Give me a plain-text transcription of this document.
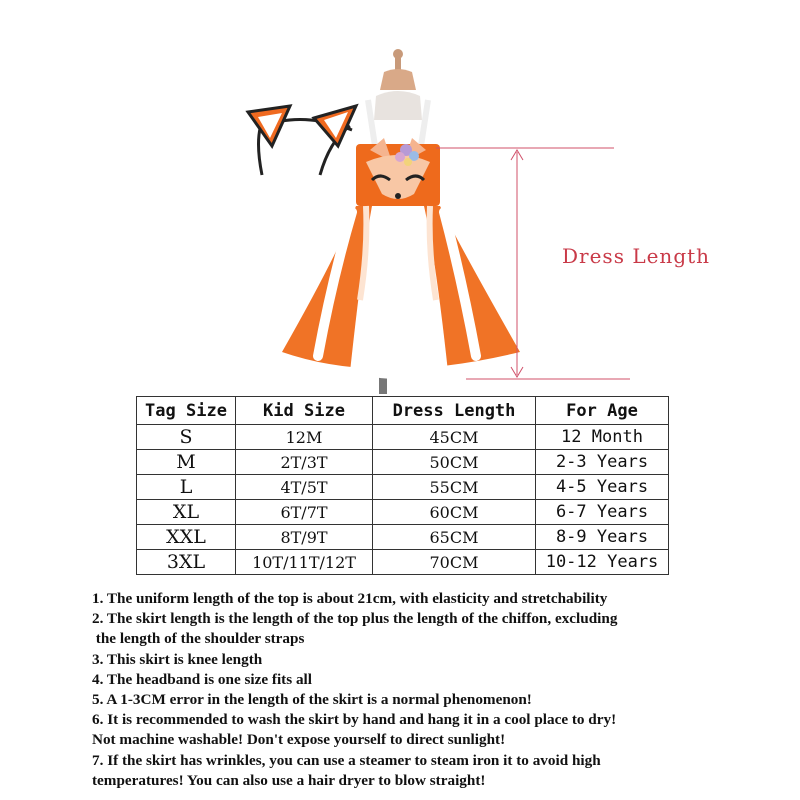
Dress Length
Tag Size	Kid Size	Dress Length	For Age
S	12M	45CM	12 Month
M	2T/3T	50CM	2-3 Years
L	4T/5T	55CM	4-5 Years
XL	6T/7T	60CM	6-7 Years
XXL	8T/9T	65CM	8-9 Years
3XL	10T/11T/12T	70CM	10-12 Years

1. The uniform length of the top is about 21cm, with elasticity and stretchability

2. The skirt length is the length of the top plus the length of the chiffon, excluding

the length of the shoulder straps

3. This skirt is knee length

4. The headband is one size fits all

5. A 1-3CM error in the length of the skirt is a normal phenomenon!

6. It is recommended to wash the skirt by hand and hang it in a cool place to dry!

Not machine washable! Don't expose yourself to direct sunlight!

7. If the skirt has wrinkles, you can use a steamer to steam iron it to avoid high

temperatures! You can also use a hair dryer to blow straight!
